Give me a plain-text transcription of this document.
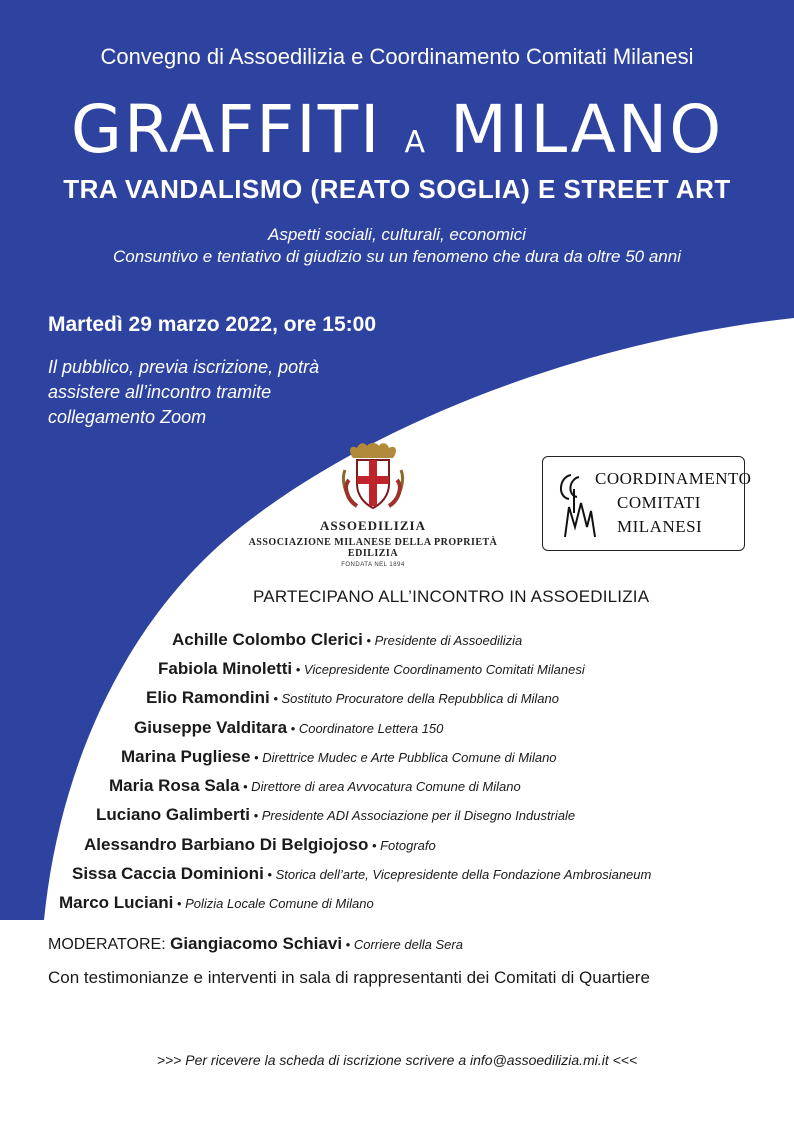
Convegno di Assoedilizia e Coordinamento Comitati Milanesi
GRAFFITI A MILANO
TRA VANDALISMO (REATO SOGLIA) E STREET ART
Aspetti sociali, culturali, economici
Consuntivo e tentativo di giudizio su un fenomeno che dura da oltre 50 anni
Martedì 29 marzo 2022, ore 15:00
Il pubblico, previa iscrizione, potrà
assistere all’incontro tramite
collegamento Zoom
ASSOEDILIZIA
ASSOCIAZIONE MILANESE DELLA PROPRIETÀ EDILIZIA
FONDATA NEL 1894
COORDINAMENTO
COMITATI
MILANESI
PARTECIPANO ALL’INCONTRO IN ASSOEDILIZIA
Achille Colombo Clerici • Presidente di Assoedilizia
Fabiola Minoletti • Vicepresidente Coordinamento Comitati Milanesi
Elio Ramondini • Sostituto Procuratore della Repubblica di Milano
Giuseppe Valditara • Coordinatore Lettera 150
Marina Pugliese • Direttrice Mudec e Arte Pubblica Comune di Milano
Maria Rosa Sala • Direttore di area Avvocatura Comune di Milano
Luciano Galimberti • Presidente ADI Associazione per il Disegno Industriale
Alessandro Barbiano Di Belgiojoso • Fotografo
Sissa Caccia Dominioni • Storica dell’arte, Vicepresidente della Fondazione Ambrosianeum
Marco Luciani • Polizia Locale Comune di Milano
MODERATORE: Giangiacomo Schiavi • Corriere della Sera
Con testimonianze e interventi in sala di rappresentanti dei Comitati di Quartiere
>>> Per ricevere la scheda di iscrizione scrivere a info@assoedilizia.mi.it <<<
